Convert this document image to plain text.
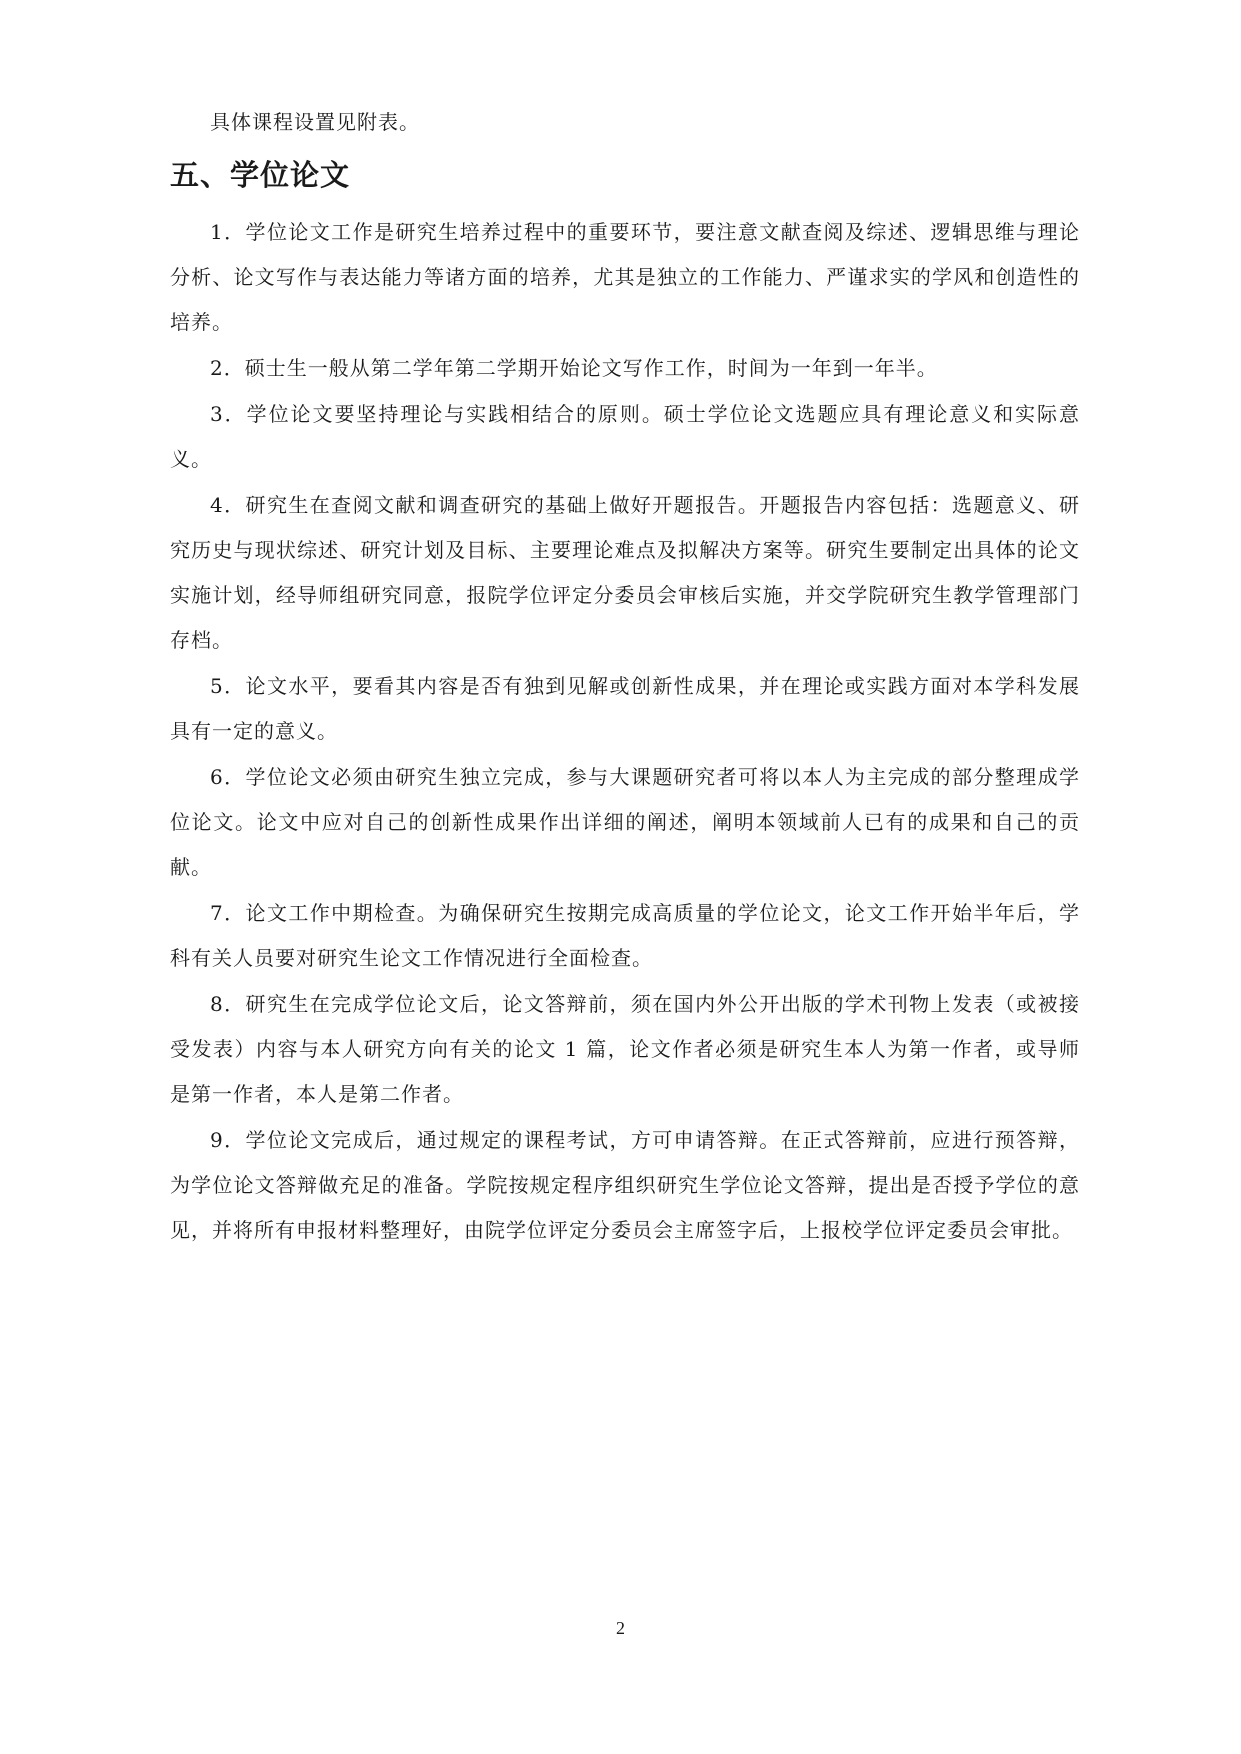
具体课程设置见附表。

五、学位论文

1．学位论文工作是研究生培养过程中的重要环节，要注意文献查阅及综述、逻辑思维与理论分析、论文写作与表达能力等诸方面的培养，尤其是独立的工作能力、严谨求实的学风和创造性的培养。

2．硕士生一般从第二学年第二学期开始论文写作工作，时间为一年到一年半。

3．学位论文要坚持理论与实践相结合的原则。硕士学位论文选题应具有理论意义和实际意义。

4．研究生在查阅文献和调查研究的基础上做好开题报告。开题报告内容包括：选题意义、研究历史与现状综述、研究计划及目标、主要理论难点及拟解决方案等。研究生要制定出具体的论文实施计划，经导师组研究同意，报院学位评定分委员会审核后实施，并交学院研究生教学管理部门存档。

5．论文水平，要看其内容是否有独到见解或创新性成果，并在理论或实践方面对本学科发展具有一定的意义。

6．学位论文必须由研究生独立完成，参与大课题研究者可将以本人为主完成的部分整理成学位论文。论文中应对自己的创新性成果作出详细的阐述，阐明本领域前人已有的成果和自己的贡献。

7．论文工作中期检查。为确保研究生按期完成高质量的学位论文，论文工作开始半年后，学科有关人员要对研究生论文工作情况进行全面检查。

8．研究生在完成学位论文后，论文答辩前，须在国内外公开出版的学术刊物上发表（或被接受发表）内容与本人研究方向有关的论文 1 篇，论文作者必须是研究生本人为第一作者，或导师是第一作者，本人是第二作者。

9．学位论文完成后，通过规定的课程考试，方可申请答辩。在正式答辩前，应进行预答辩，为学位论文答辩做充足的准备。学院按规定程序组织研究生学位论文答辩，提出是否授予学位的意见，并将所有申报材料整理好，由院学位评定分委员会主席签字后，上报校学位评定委员会审批。

2
